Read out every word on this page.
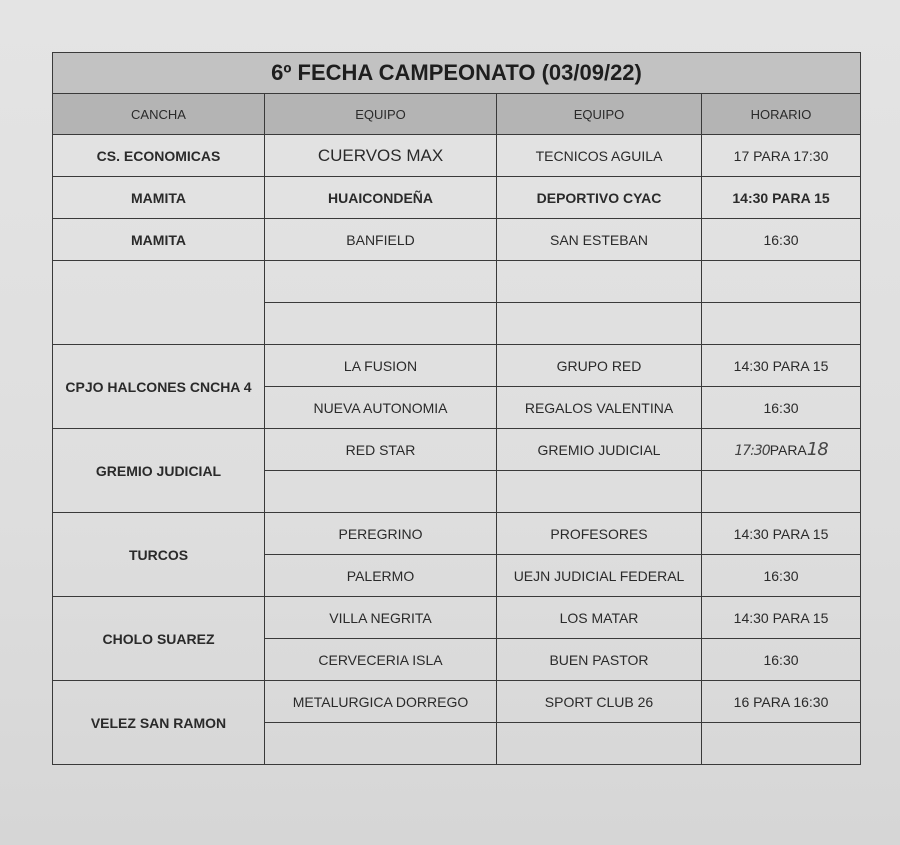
6º FECHA CAMPEONATO (03/09/22)			
CANCHA	EQUIPO	EQUIPO	HORARIO
CS. ECONOMICAS	CUERVOS MAX	TECNICOS AGUILA	17 PARA 17:30
MAMITA	HUAICONDEÑA	DEPORTIVO CYAC	14:30 PARA 15
MAMITA	BANFIELD	SAN ESTEBAN	16:30

CPJO HALCONES CNCHA 4	LA FUSION	GRUPO RED	14:30 PARA 15
	NUEVA AUTONOMIA	REGALOS VALENTINA	16:30
GREMIO JUDICIAL	RED STAR	GREMIO JUDICIAL	17:30PARA18

TURCOS	PEREGRINO	PROFESORES	14:30 PARA 15
	PALERMO	UEJN JUDICIAL FEDERAL	16:30
CHOLO SUAREZ	VILLA NEGRITA	LOS MATAR	14:30 PARA 15
	CERVECERIA ISLA	BUEN PASTOR	16:30
VELEZ SAN RAMON	METALURGICA DORREGO	SPORT CLUB 26	16 PARA 16:30
